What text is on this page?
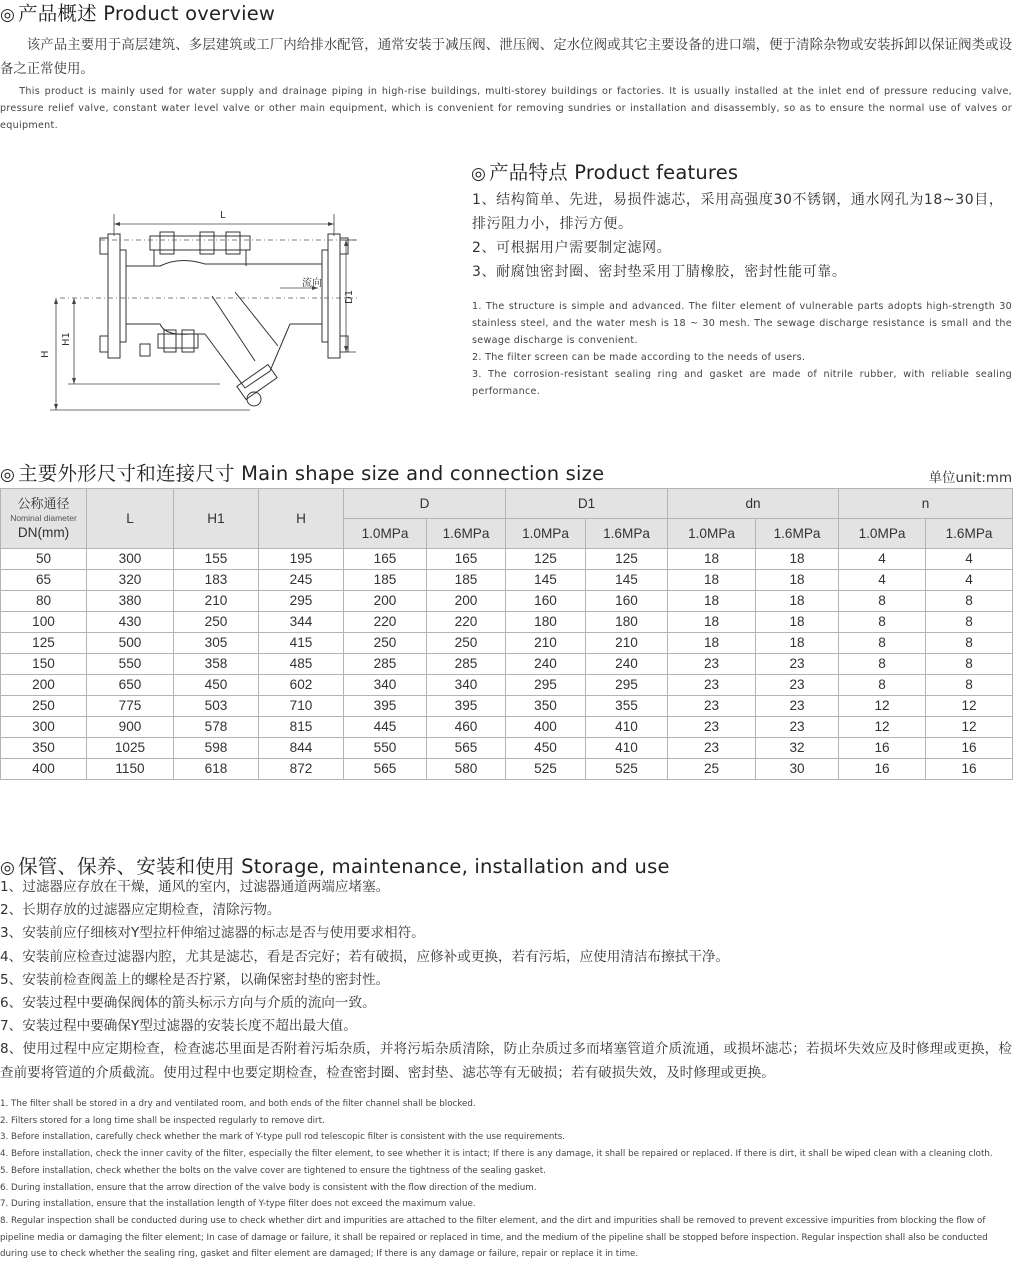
◎ 产品概述 Product overview
该产品主要用于高层建筑、多层建筑或工厂内给排水配管，通常安装于减压阀、泄压阀、定水位阀或其它主要设备的进口端，便于清除杂物或安装拆卸以保证阀类或设备之正常使用。
This product is mainly used for water supply and drainage piping in high-rise buildings, multi-storey buildings or factories. It is usually installed at the inlet end of pressure reducing valve, pressure relief valve, constant water level valve or other main equipment, which is convenient for removing sundries or installation and disassembly, so as to ensure the normal use of valves or equipment.
L
H
H1
D1
流向
◎ 产品特点 Product features
1、结构简单、先进，易损件滤芯，采用高强度30不锈钢，通水网孔为18~30目，排污阻力小，排污方便。
2、可根据用户需要制定滤网。
3、耐腐蚀密封圈、密封垫采用丁腈橡胶，密封性能可靠。
1. The structure is simple and advanced. The filter element of vulnerable parts adopts high-strength 30 stainless steel, and the water mesh is 18 ~ 30 mesh. The sewage discharge resistance is small and the sewage discharge is convenient.
2. The filter screen can be made according to the needs of users.
3. The corrosion-resistant sealing ring and gasket are made of nitrile rubber, with reliable sealing performance.
◎ 主要外形尺寸和连接尺寸 Main shape size and connection size	单位unit:mm
公称通径
Nominal diameter
DN(mm)	L	H1	H	D		D1		dn		n	
				1.0MPa	1.6MPa	1.0MPa	1.6MPa	1.0MPa	1.6MPa	1.0MPa	1.6MPa
50	300	155	195	165	165	125	125	18	18	4	4
65	320	183	245	185	185	145	145	18	18	4	4
80	380	210	295	200	200	160	160	18	18	8	8
100	430	250	344	220	220	180	180	18	18	8	8
125	500	305	415	250	250	210	210	18	18	8	8
150	550	358	485	285	285	240	240	23	23	8	8
200	650	450	602	340	340	295	295	23	23	8	8
250	775	503	710	395	395	350	355	23	23	12	12
300	900	578	815	445	460	400	410	23	23	12	12
350	1025	598	844	550	565	450	410	23	32	16	16
400	1150	618	872	565	580	525	525	25	30	16	16
◎ 保管、保养、安装和使用 Storage, maintenance, installation and use
1、过滤器应存放在干燥，通风的室内，过滤器通道两端应堵塞。
2、长期存放的过滤器应定期检查，清除污物。
3、安装前应仔细核对Y型拉杆伸缩过滤器的标志是否与使用要求相符。
4、安装前应检查过滤器内腔，尤其是滤芯，看是否完好；若有破损，应修补或更换，若有污垢，应使用清洁布擦拭干净。
5、安装前检查阀盖上的螺栓是否拧紧，以确保密封垫的密封性。
6、安装过程中要确保阀体的箭头标示方向与介质的流向一致。
7、安装过程中要确保Y型过滤器的安装长度不超出最大值。
8、使用过程中应定期检查，检查滤芯里面是否附着污垢杂质，并将污垢杂质清除，防止杂质过多而堵塞管道介质流通，或损坏滤芯；若损坏失效应及时修理或更换，检查前要将管道的介质截流。使用过程中也要定期检查，检查密封圈、密封垫、滤芯等有无破损；若有破损失效，及时修理或更换。
1. The filter shall be stored in a dry and ventilated room, and both ends of the filter channel shall be blocked.
2. Filters stored for a long time shall be inspected regularly to remove dirt.
3. Before installation, carefully check whether the mark of Y-type pull rod telescopic filter is consistent with the use requirements.
4. Before installation, check the inner cavity of the filter, especially the filter element, to see whether it is intact; If there is any damage, it shall be repaired or replaced. If there is dirt, it shall be wiped clean with a cleaning cloth.
5. Before installation, check whether the bolts on the valve cover are tightened to ensure the tightness of the sealing gasket.
6. During installation, ensure that the arrow direction of the valve body is consistent with the flow direction of the medium.
7. During installation, ensure that the installation length of Y-type filter does not exceed the maximum value.
8. Regular inspection shall be conducted during use to check whether dirt and impurities are attached to the filter element, and the dirt and impurities shall be removed to prevent excessive impurities from blocking the flow of pipeline media or damaging the filter element; In case of damage or failure, it shall be repaired or replaced in time, and the medium of the pipeline shall be stopped before inspection. Regular inspection shall also be conducted during use to check whether the sealing ring, gasket and filter element are damaged; If there is any damage or failure, repair or replace it in time.
